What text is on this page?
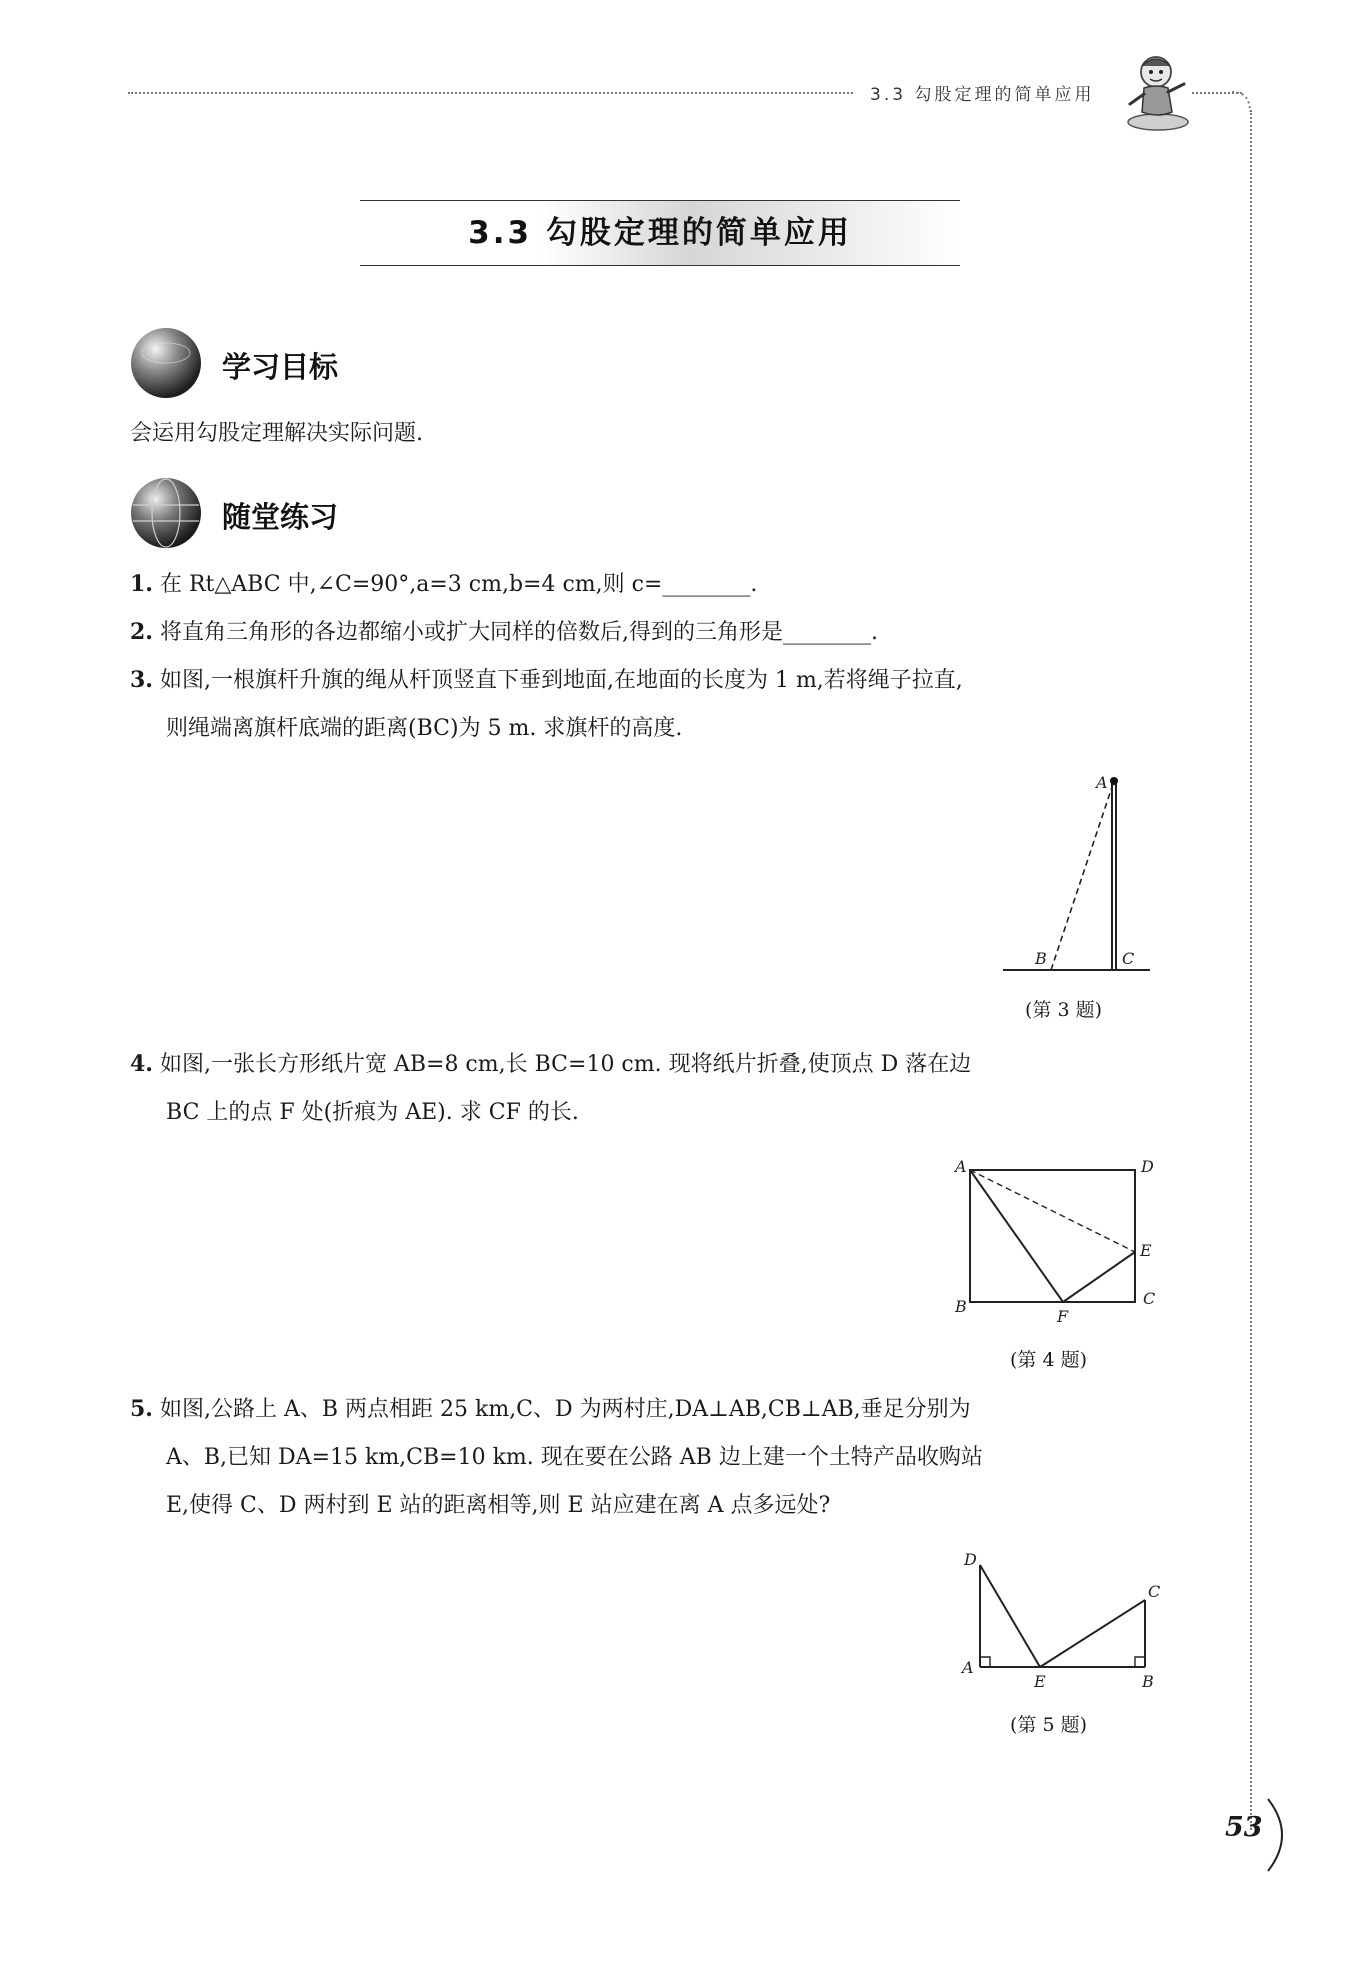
3.3 勾股定理的简单应用
3.3 勾股定理的简单应用
学习目标
会运用勾股定理解决实际问题.
随堂练习
1. 在 Rt△ABC 中,∠C=90°,a=3 cm,b=4 cm,则 c=________.
2. 将直角三角形的各边都缩小或扩大同样的倍数后,得到的三角形是________.
3. 如图,一根旗杆升旗的绳从杆顶竖直下垂到地面,在地面的长度为 1 m,若将绳子拉直,
则绳端离旗杆底端的距离(BC)为 5 m. 求旗杆的高度.
A
B	C
(第 3 题)
4. 如图,一张长方形纸片宽 AB=8 cm,长 BC=10 cm. 现将纸片折叠,使顶点 D 落在边
BC 上的点 F 处(折痕为 AE). 求 CF 的长.
A	D
E
C
B
F
(第 4 题)
5. 如图,公路上 A、B 两点相距 25 km,C、D 为两村庄,DA⊥AB,CB⊥AB,垂足分别为
A、B,已知 DA=15 km,CB=10 km. 现在要在公路 AB 边上建一个土特产品收购站
E,使得 C、D 两村到 E 站的距离相等,则 E 站应建在离 A 点多远处?
D
C
A
E	B
(第 5 题)
53
